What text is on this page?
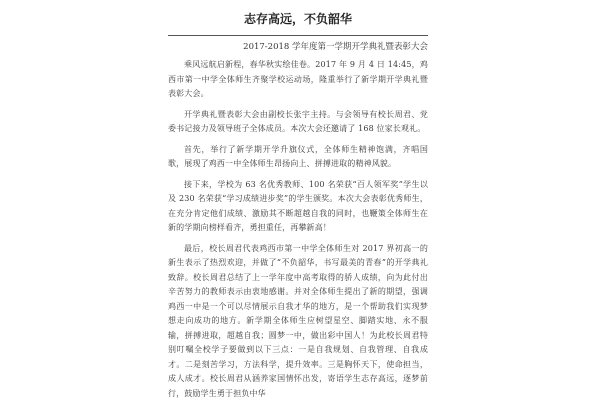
志存高远，不负韶华
2017-2018 学年度第一学期开学典礼暨表彰大会

乘风远航启新程，春华秋实绘佳卷。2017 年 9 月 4 日 14:45，鸡西市第一中学全体师生齐聚学校运动场，隆重举行了新学期开学典礼暨表彰大会。

开学典礼暨表彰大会由副校长张宇主持。与会领导有校长周君、党委书记接力及领导班子全体成员。本次大会还邀请了 168 位家长观礼。

首先，举行了新学期开学升旗仪式，全体师生精神饱满，齐唱国歌，展现了鸡西一中全体师生昂扬向上、拼搏进取的精神风貌。

接下来，学校为 63 名优秀教师、100 名荣获“百人领军奖”学生以及 230 名荣获“学习成绩进步奖”的学生颁奖。本次大会表彰优秀师生，在充分肯定他们成绩、激励其不断超越自我的同时，也鞭策全体师生在新的学期向榜样看齐，勇担重任，再攀新高！

最后，校长周君代表鸡西市第一中学全体师生对 2017 界初高一的新生表示了热烈欢迎，并做了“不负韶华，书写最美的青春”的开学典礼致辞。校长周君总结了上一学年度中高考取得的骄人成绩，向为此付出辛苦努力的教师表示由衷地感谢。并对全体师生提出了新的期望，强调鸡西一中是一个可以尽情展示自我才华的地方，是一个帮助我们实现梦想走向成功的地方。新学期全体师生应树望星空、脚踏实地、永不服输，拼搏进取，超越自我；圆梦一中，做出彩中国人！为此校长周君特别叮嘱全校学子要做到以下三点：一是自我规划、自我管理、自我成才。二是刻苦学习，方法科学，提升效率。三是胸怀天下，使命担当，成人成才。校长周君从涵养家国情怀出发，寄语学生志存高远，逐梦前行，鼓励学生勇于担负中华
